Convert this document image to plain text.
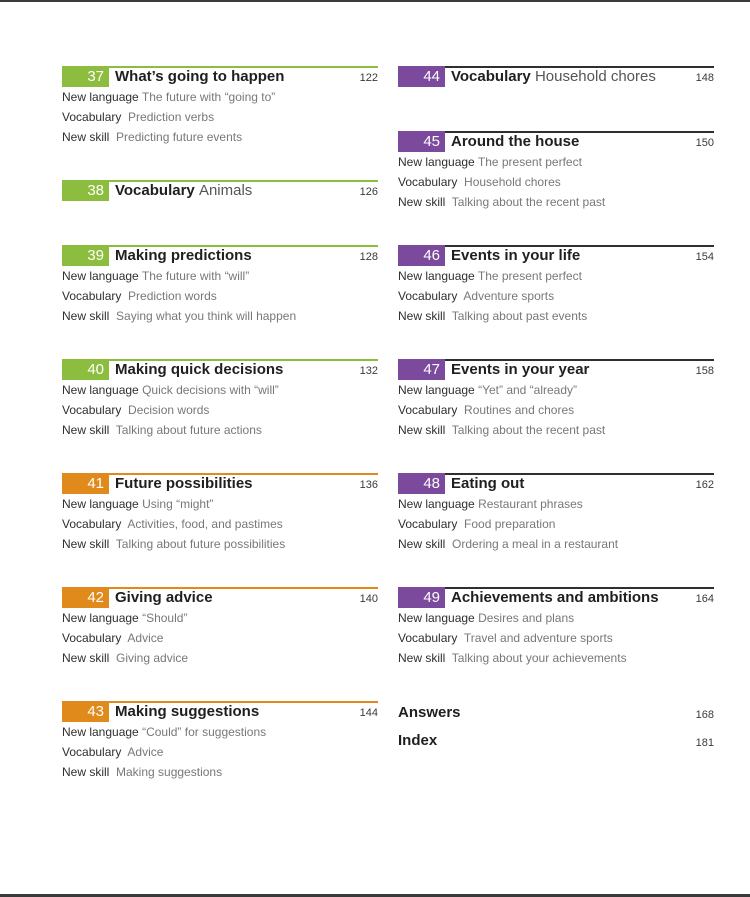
37 What’s going to happen	122
New language The future with “going to”
Vocabulary Prediction verbs
New skill Predicting future events
38 Vocabulary Animals	126
39 Making predictions	128
New language The future with “will”
Vocabulary Prediction words
New skill Saying what you think will happen
40 Making quick decisions	132
New language Quick decisions with “will”
Vocabulary Decision words
New skill Talking about future actions
41 Future possibilities	136
New language Using “might”
Vocabulary Activities, food, and pastimes
New skill Talking about future possibilities
42 Giving advice	140
New language “Should”
Vocabulary Advice
New skill Giving advice
43 Making suggestions	144
New language “Could” for suggestions
Vocabulary Advice
New skill Making suggestions
44 Vocabulary Household chores	148
45 Around the house	150
New language The present perfect
Vocabulary Household chores
New skill Talking about the recent past
46 Events in your life	154
New language The present perfect
Vocabulary Adventure sports
New skill Talking about past events
47 Events in your year	158
New language “Yet” and “already”
Vocabulary Routines and chores
New skill Talking about the recent past
48 Eating out	162
New language Restaurant phrases
Vocabulary Food preparation
New skill Ordering a meal in a restaurant
49 Achievements and ambitions	164
New language Desires and plans
Vocabulary Travel and adventure sports
New skill Talking about your achievements
Answers	168
Index	181
